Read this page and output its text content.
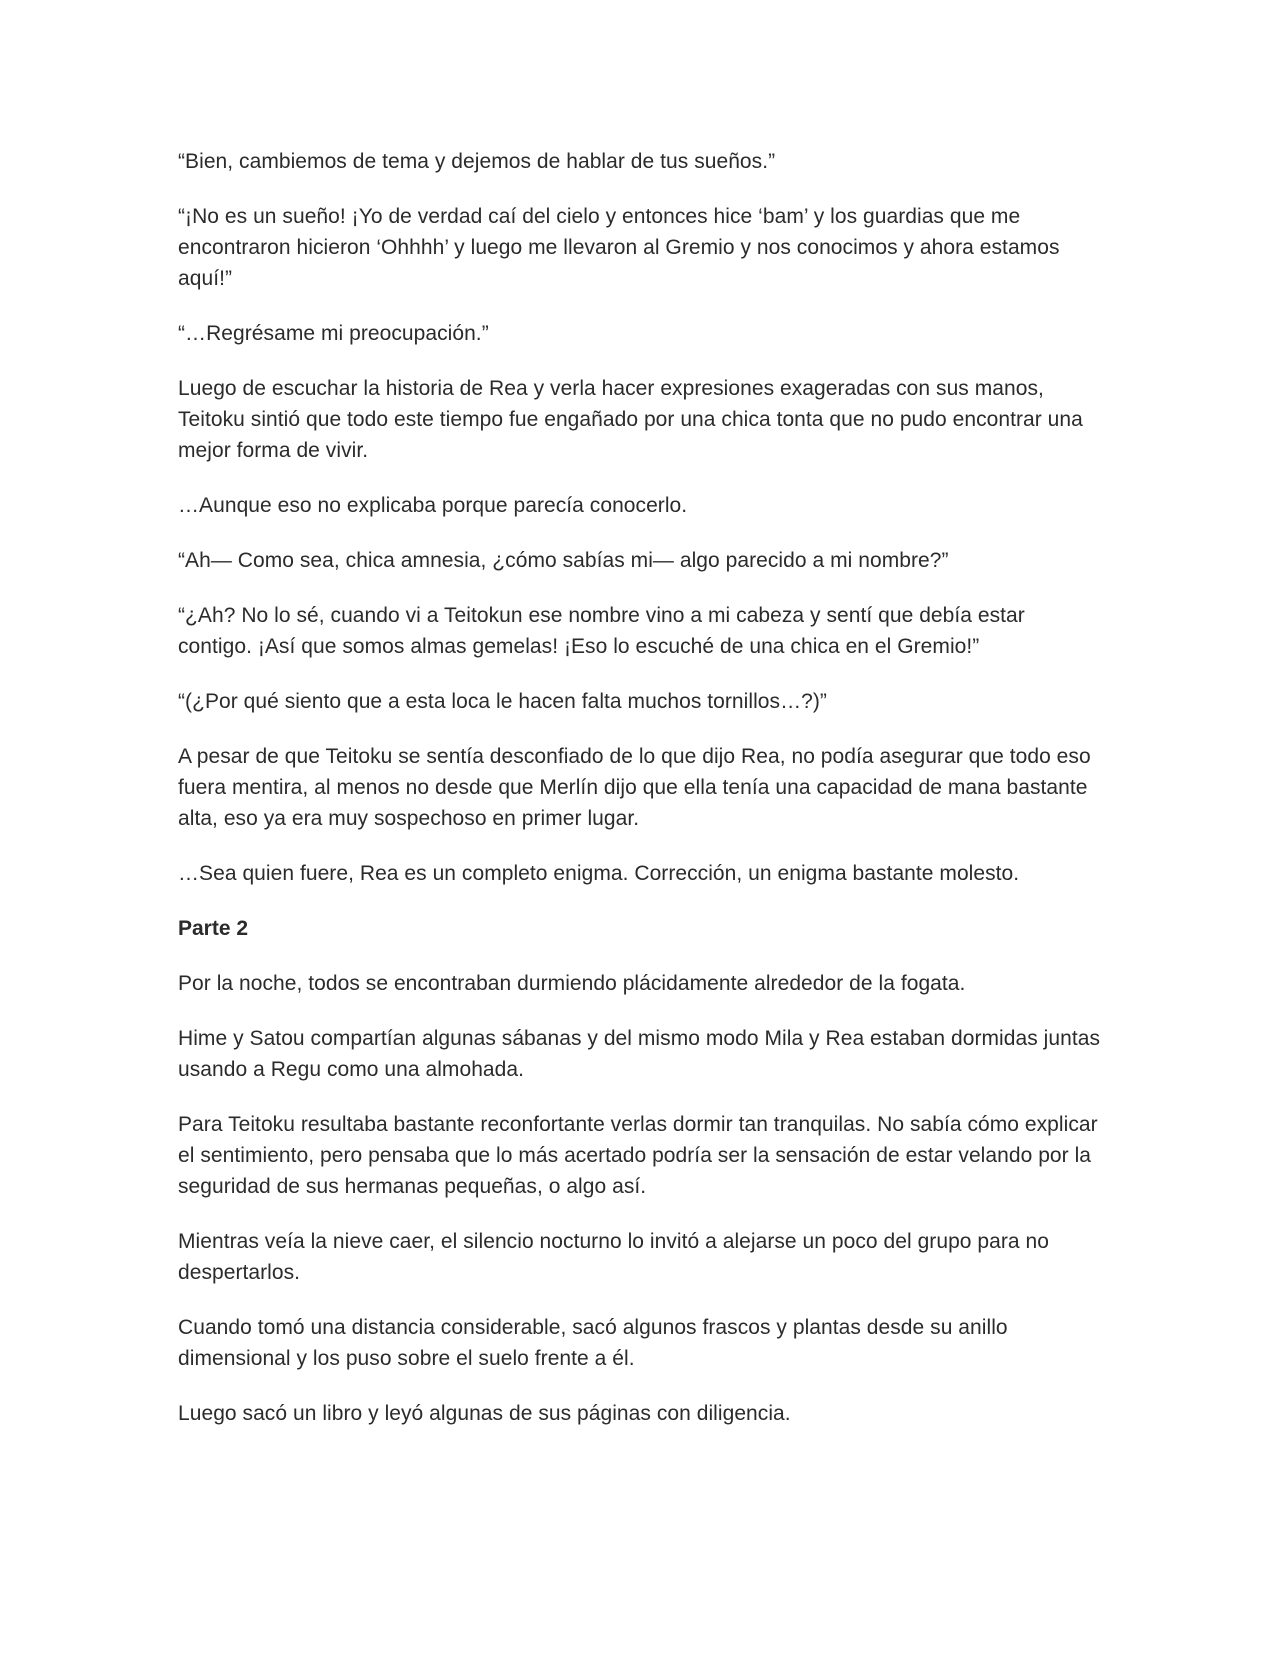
“Bien, cambiemos de tema y dejemos de hablar de tus sueños.”

“¡No es un sueño! ¡Yo de verdad caí del cielo y entonces hice ‘bam’ y los guardias que me encontraron hicieron ‘Ohhhh’ y luego me llevaron al Gremio y nos conocimos y ahora estamos aquí!”

“…Regrésame mi preocupación.”

Luego de escuchar la historia de Rea y verla hacer expresiones exageradas con sus manos, Teitoku sintió que todo este tiempo fue engañado por una chica tonta que no pudo encontrar una mejor forma de vivir.

…Aunque eso no explicaba porque parecía conocerlo.

“Ah— Como sea, chica amnesia, ¿cómo sabías mi— algo parecido a mi nombre?”

“¿Ah? No lo sé, cuando vi a Teitokun ese nombre vino a mi cabeza y sentí que debía estar contigo. ¡Así que somos almas gemelas! ¡Eso lo escuché de una chica en el Gremio!”

“(¿Por qué siento que a esta loca le hacen falta muchos tornillos…?)”

A pesar de que Teitoku se sentía desconfiado de lo que dijo Rea, no podía asegurar que todo eso fuera mentira, al menos no desde que Merlín dijo que ella tenía una capacidad de mana bastante alta, eso ya era muy sospechoso en primer lugar.

…Sea quien fuere, Rea es un completo enigma. Corrección, un enigma bastante molesto.

Parte 2

Por la noche, todos se encontraban durmiendo plácidamente alrededor de la fogata.

Hime y Satou compartían algunas sábanas y del mismo modo Mila y Rea estaban dormidas juntas usando a Regu como una almohada.

Para Teitoku resultaba bastante reconfortante verlas dormir tan tranquilas. No sabía cómo explicar el sentimiento, pero pensaba que lo más acertado podría ser la sensación de estar velando por la seguridad de sus hermanas pequeñas, o algo así.

Mientras veía la nieve caer, el silencio nocturno lo invitó a alejarse un poco del grupo para no despertarlos.

Cuando tomó una distancia considerable, sacó algunos frascos y plantas desde su anillo dimensional y los puso sobre el suelo frente a él.

Luego sacó un libro y leyó algunas de sus páginas con diligencia.
